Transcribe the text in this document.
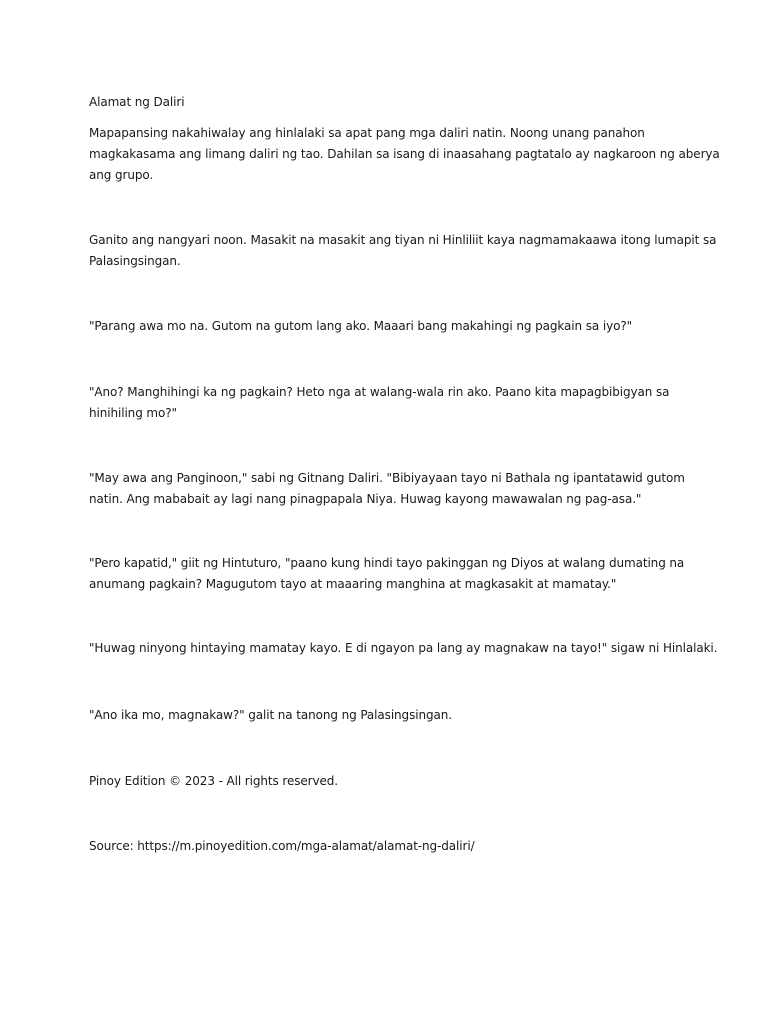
Alamat ng Daliri
Mapapansing nakahiwalay ang hinlalaki sa apat pang mga daliri natin. Noong unang panahon
magkakasama ang limang daliri ng tao. Dahilan sa isang di inaasahang pagtatalo ay nagkaroon ng aberya
ang grupo.
Ganito ang nangyari noon. Masakit na masakit ang tiyan ni Hinliliit kaya nagmamakaawa itong lumapit sa
Palasingsingan.
"Parang awa mo na. Gutom na gutom lang ako. Maaari bang makahingi ng pagkain sa iyo?"
"Ano? Manghihingi ka ng pagkain? Heto nga at walang-wala rin ako. Paano kita mapagbibigyan sa
hinihiling mo?"
"May awa ang Panginoon," sabi ng Gitnang Daliri. "Bibiyayaan tayo ni Bathala ng ipantatawid gutom
natin. Ang mababait ay lagi nang pinagpapala Niya. Huwag kayong mawawalan ng pag-asa."
"Pero kapatid," giit ng Hintuturo, "paano kung hindi tayo pakinggan ng Diyos at walang dumating na
anumang pagkain? Magugutom tayo at maaaring manghina at magkasakit at mamatay."
"Huwag ninyong hintaying mamatay kayo. E di ngayon pa lang ay magnakaw na tayo!" sigaw ni Hinlalaki.
"Ano ika mo, magnakaw?" galit na tanong ng Palasingsingan.
Pinoy Edition © 2023 - All rights reserved.
Source: https://m.pinoyedition.com/mga-alamat/alamat-ng-daliri/
